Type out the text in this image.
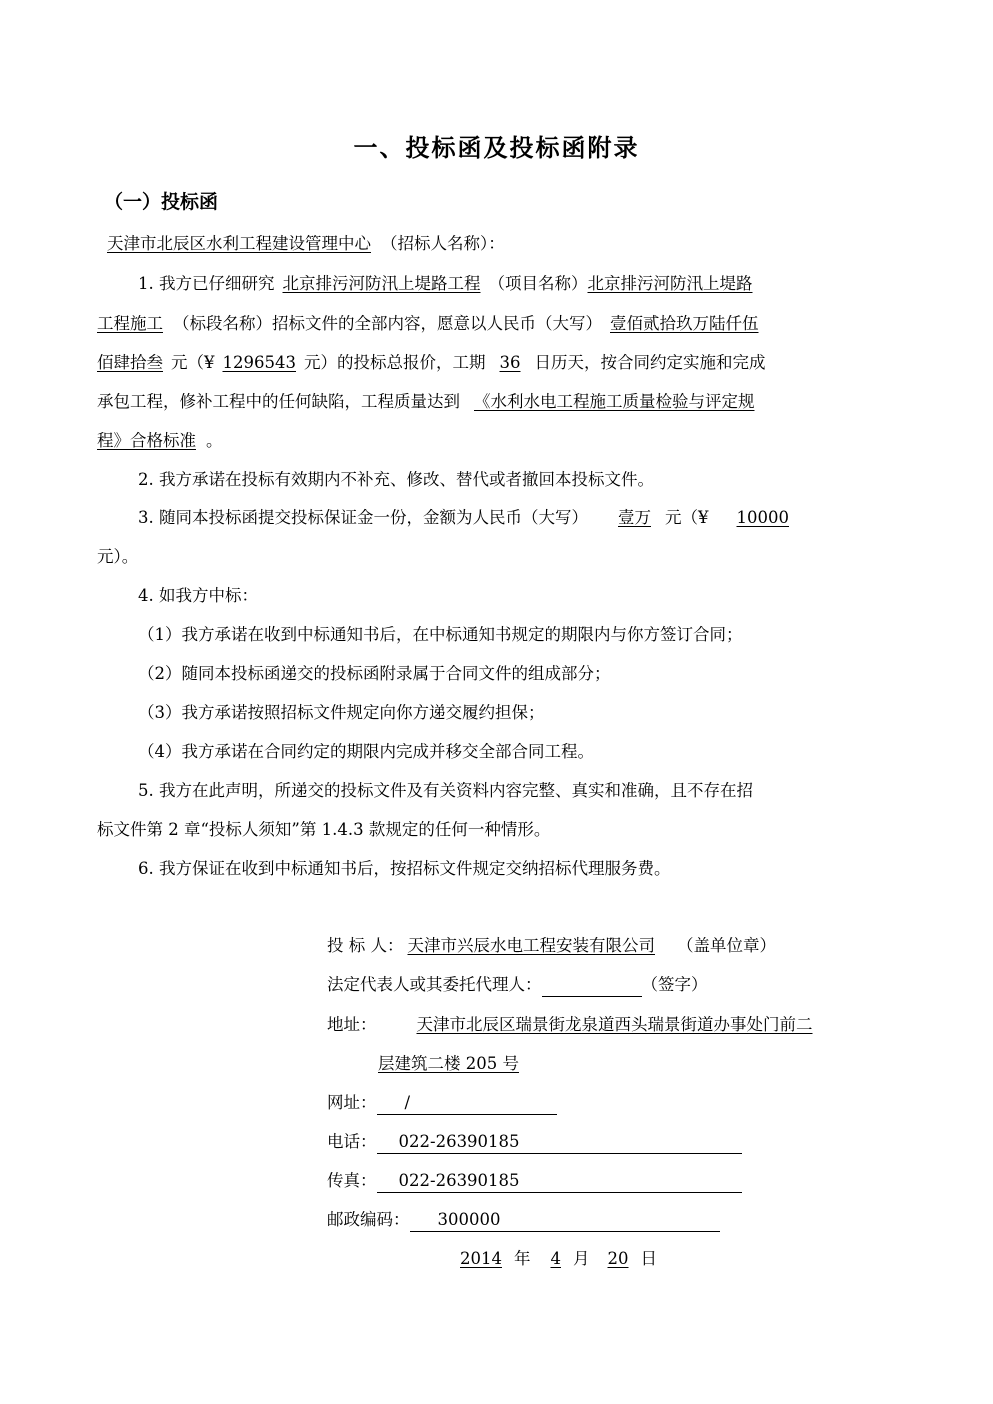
一、投标函及投标函附录
（一）投标函
天津市北辰区水利工程建设管理中心 （招标人名称）：
1. 我方已仔细研究 北京排污河防汛上堤路工程 （项目名称）北京排污河防汛上堤路
工程施工 （标段名称）招标文件的全部内容，愿意以人民币（大写） 壹佰贰拾玖万陆仟伍
佰肆拾叁 元（¥ 1296543 元）的投标总报价，工期 36 日历天，按合同约定实施和完成
承包工程，修补工程中的任何缺陷，工程质量达到 《水利水电工程施工质量检验与评定规
程》合格标准 。
2. 我方承诺在投标有效期内不补充、修改、替代或者撤回本投标文件。
3. 随同本投标函提交投标保证金一份，金额为人民币（大写） 壹万 元（¥ 10000
元）。
4. 如我方中标：
（1）我方承诺在收到中标通知书后，在中标通知书规定的期限内与你方签订合同；
（2）随同本投标函递交的投标函附录属于合同文件的组成部分；
（3）我方承诺按照招标文件规定向你方递交履约担保；
（4）我方承诺在合同约定的期限内完成并移交全部合同工程。
5. 我方在此声明，所递交的投标文件及有关资料内容完整、真实和准确，且不存在招
标文件第 2 章“投标人须知”第 1.4.3 款规定的任何一种情形。
6. 我方保证在收到中标通知书后，按招标文件规定交纳招标代理服务费。
投 标 人： 天津市兴辰水电工程安装有限公司 （盖单位章）
法定代表人或其委托代理人：	（签字）
地址： 天津市北辰区瑞景街龙泉道西头瑞景街道办事处门前二
层建筑二楼 205 号
网址： /
电话： 022-26390185
传真： 022-26390185
邮政编码： 300000
2014 年 4 月 20 日
